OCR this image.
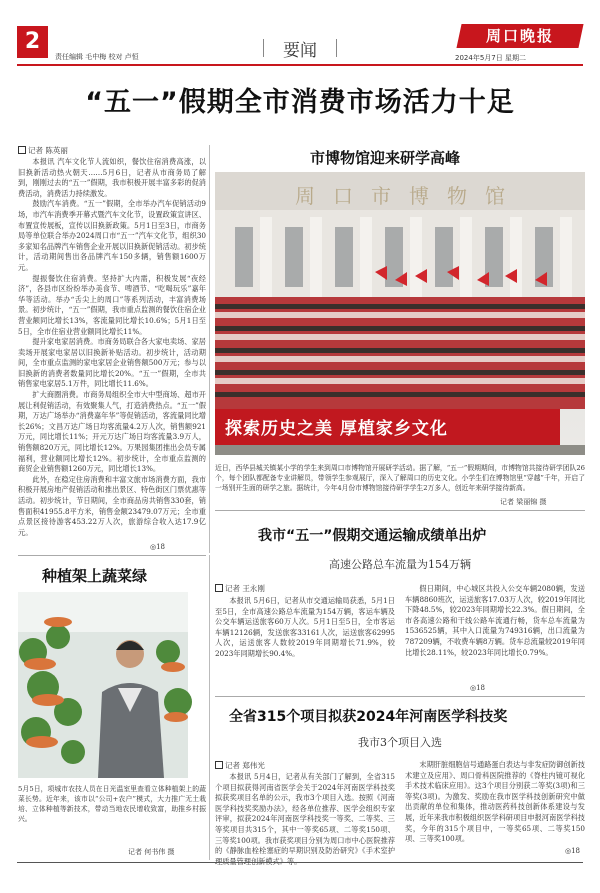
2
责任编辑 毛中梅 校对 卢恒	要闻
周口晚报
2024年5月7日 星期二
“五一”假期全市消费市场活力十足
记者 陈英丽

本报讯 汽车文化节人流如织，餐饮住宿消费高涨，以旧换新活动热火朝天……5月6日，记者从市商务局了解到，刚刚过去的“五一”假期，我市积极开展丰富多彩的促消费活动，消费活力持续激发。

鼓励汽车消费。“五一”假期，全市举办汽车促销活动9场，市汽车消费季开幕式暨汽车文化节，设置政策宣讲区、布置宣传展板，宣传以旧换新政策。5月1日至3日，市商务局等单位联合举办2024周口市“五一”汽车文化节，组织30多家知名品牌汽车销售企业开展以旧换新促销活动。初步统计，活动期间售出各品牌汽车150多辆，销售额1600万元。

提振餐饮住宿消费。坚持扩大内需，积极发展“夜经济”，各县市区纷纷举办美食节、啤酒节、“吃喝玩乐”嘉年华等活动。举办“舌尖上的周口”等系列活动，丰富消费场景。初步统计，“五一”假期，我市重点监测的餐饮住宿企业营业额同比增长13%，客流量同比增长10.6%；5月1日至5日，全市住宿业营业额同比增长11%。

提升家电家居消费。市商务局联合各大家电卖场、家居卖场开展家电家居以旧换新补贴活动。初步统计，活动期间，全市重点监测的家电家居企业销售额500万元；参与以旧换新的消费者数量同比增长20%。“五一”假期，全市共销售家电家居5.1万件，同比增长11.6%。

扩大商圈消费。市商务局组织全市大中型商场、超市开展让利促销活动，有效聚集人气，打造消费热点。“五一”假期，万达广场举办“消费嘉年华”等促销活动，客流量同比增长26%；文昌万达广场日均客流量4.2万人次，销售额921万元，同比增长11%；开元万达广场日均客流量3.9万人，销售额820万元，同比增长12%。万果园集团推出会员专属福利，营业额同比增长12%。初步统计，全市重点监测的商贸企业销售额1260万元，同比增长13%。

此外，在稳定住房消费和丰富文旅市场消费方面，我市积极开展房地产促销活动和推出景区、特色街区门票优惠等活动。初步统计，节日期间，全市商品房共销售330套，销售面积41955.8平方米，销售金额23479.07万元；全市重点景区接待游客453.22万人次，旅游综合收入达17.9亿元。

◎18
市博物馆迎来研学高峰
周口市博物馆
探索历史之美 厚植家乡文化
近日，西华县城关镇某小学的学生来到周口市博物馆开展研学活动。据了解，“五一”假期期间，市博物馆共接待研学团队26个，每个团队都配备专业讲解员，带领学生参观展厅，深入了解周口的历史文化。小学生们在博物馆里“穿越”千年，开启了一场别开生面的研学之旅。据统计，今年4月份市博物馆接待研学学生2万多人，创近年来研学接待新高。
记者 梁丽锦 摄
种植架上蔬菜绿
5月5日，项城市农技人员在日光温室里查看立体种植架上的蔬菜长势。近年来，该市以“公司+农户”模式，大力推广无土栽培、立体种植等新技术，带动当地农民增收致富，助推乡村振兴。
记者 何书伟 摄
我市“五一”假期交通运输成绩单出炉
高速公路总车流量为154万辆
记者 王永刚

本报讯 5月6日，记者从市交通运输局获悉，5月1日至5日，全市高速公路总车流量为154万辆，客运车辆及公交车辆运送旅客60万人次。5月1日至5日，全市客运车辆12126辆，发送旅客33161人次，运送旅客62995人次，运送旅客人数较2019年同期增长71.9%，较2023年同期增长90.4%。

假日期间，中心城区共投入公交车辆2080辆，发送车辆8860班次，运送旅客17.03万人次，较2019年同比下降48.5%，较2023年同期增长22.3%。假日期间，全市各高速公路和干线公路车流通行畅，货车总车流量为1536525辆，其中入口流量为749316辆，出口流量为787209辆，不收费车辆8万辆。货车总流量较2019年同比增长28.11%，较2023年同比增长0.79%。

◎18
全省315个项目拟获2024年河南医学科技奖
我市3个项目入选
记者 郑伟光

本报讯 5月4日，记者从有关部门了解到，全省315个项目拟获得河南省医学会关于2024年河南医学科技奖拟获奖项目名单的公示，我市3个项目入选。按照《河南医学科技奖奖励办法》，经各单位推荐、医学会组织专家评审，拟获2024年河南医学科技奖一等奖、二等奖、三等奖项目共315个，其中一等奖65项、二等奖150项、三等奖100项。我市获奖项目分别为周口市中心医院推荐的《静脉血栓栓塞症的早期识别及防治研究》《手术室护

末期肝脏细胞信号通路蛋白表达与非发症防御创新技术建立及应用》、周口骨科医院推荐的《脊柱内镜可视化手术技术临床应用》。这3个项目分别获二等奖(3项)和三等奖(3项)。为激发、奖励在我市医学科技创新研究中做出贡献的单位和集体，推动医药科技创新体系建设与发展，近年来我市积极组织医学科研项目申报河南医学科技奖，今年的315个项目中，一等奖65项、二等奖150项、三等奖100项。

◎18
